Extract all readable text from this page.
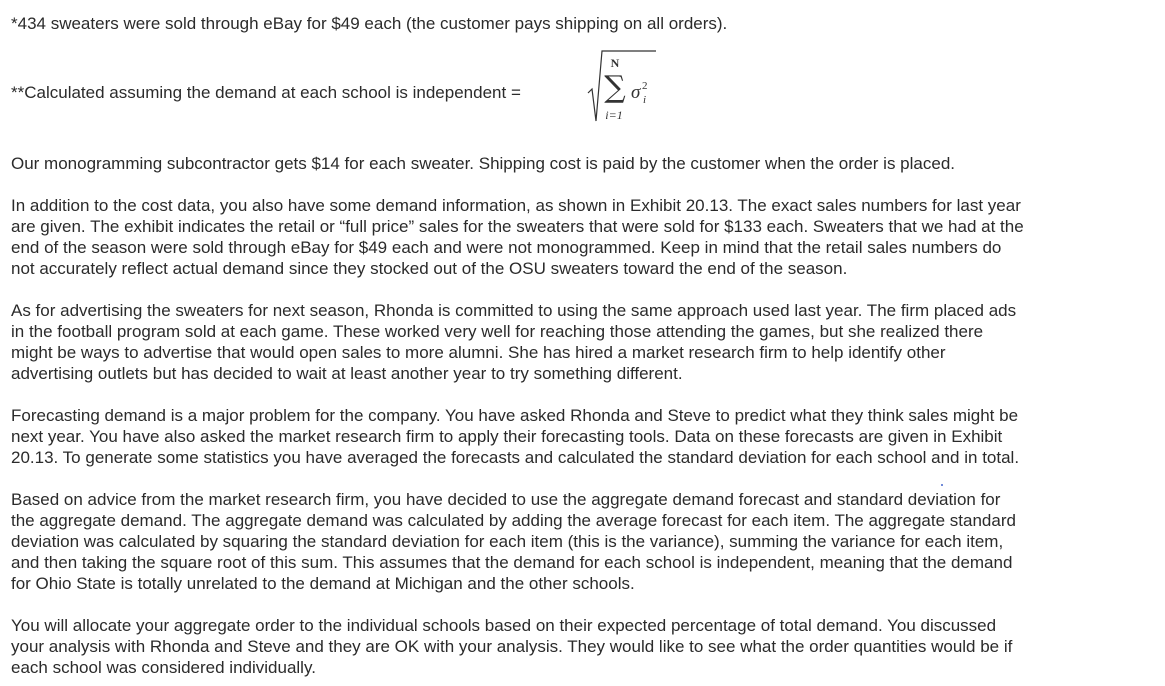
*434 sweaters were sold through eBay for $49 each (the customer pays shipping on all orders).

**Calculated assuming the demand at each school is independent =
N
∑
i=1
σ 2
i

Our monogramming subcontractor gets $14 for each sweater. Shipping cost is paid by the customer when the order is placed.

In addition to the cost data, you also have some demand information, as shown in Exhibit 20.13. The exact sales numbers for last year

are given. The exhibit indicates the retail or “full price” sales for the sweaters that were sold for $133 each. Sweaters that we had at the

end of the season were sold through eBay for $49 each and were not monogrammed. Keep in mind that the retail sales numbers do

not accurately reflect actual demand since they stocked out of the OSU sweaters toward the end of the season.

As for advertising the sweaters for next season, Rhonda is committed to using the same approach used last year. The firm placed ads

in the football program sold at each game. These worked very well for reaching those attending the games, but she realized there

might be ways to advertise that would open sales to more alumni. She has hired a market research firm to help identify other

advertising outlets but has decided to wait at least another year to try something different.

Forecasting demand is a major problem for the company. You have asked Rhonda and Steve to predict what they think sales might be

next year. You have also asked the market research firm to apply their forecasting tools. Data on these forecasts are given in Exhibit

20.13. To generate some statistics you have averaged the forecasts and calculated the standard deviation for each school and in total.

Based on advice from the market research firm, you have decided to use the aggregate demand forecast and standard deviation for

the aggregate demand. The aggregate demand was calculated by adding the average forecast for each item. The aggregate standard

deviation was calculated by squaring the standard deviation for each item (this is the variance), summing the variance for each item,

and then taking the square root of this sum. This assumes that the demand for each school is independent, meaning that the demand

for Ohio State is totally unrelated to the demand at Michigan and the other schools.

You will allocate your aggregate order to the individual schools based on their expected percentage of total demand. You discussed

your analysis with Rhonda and Steve and they are OK with your analysis. They would like to see what the order quantities would be if

each school was considered individually.
